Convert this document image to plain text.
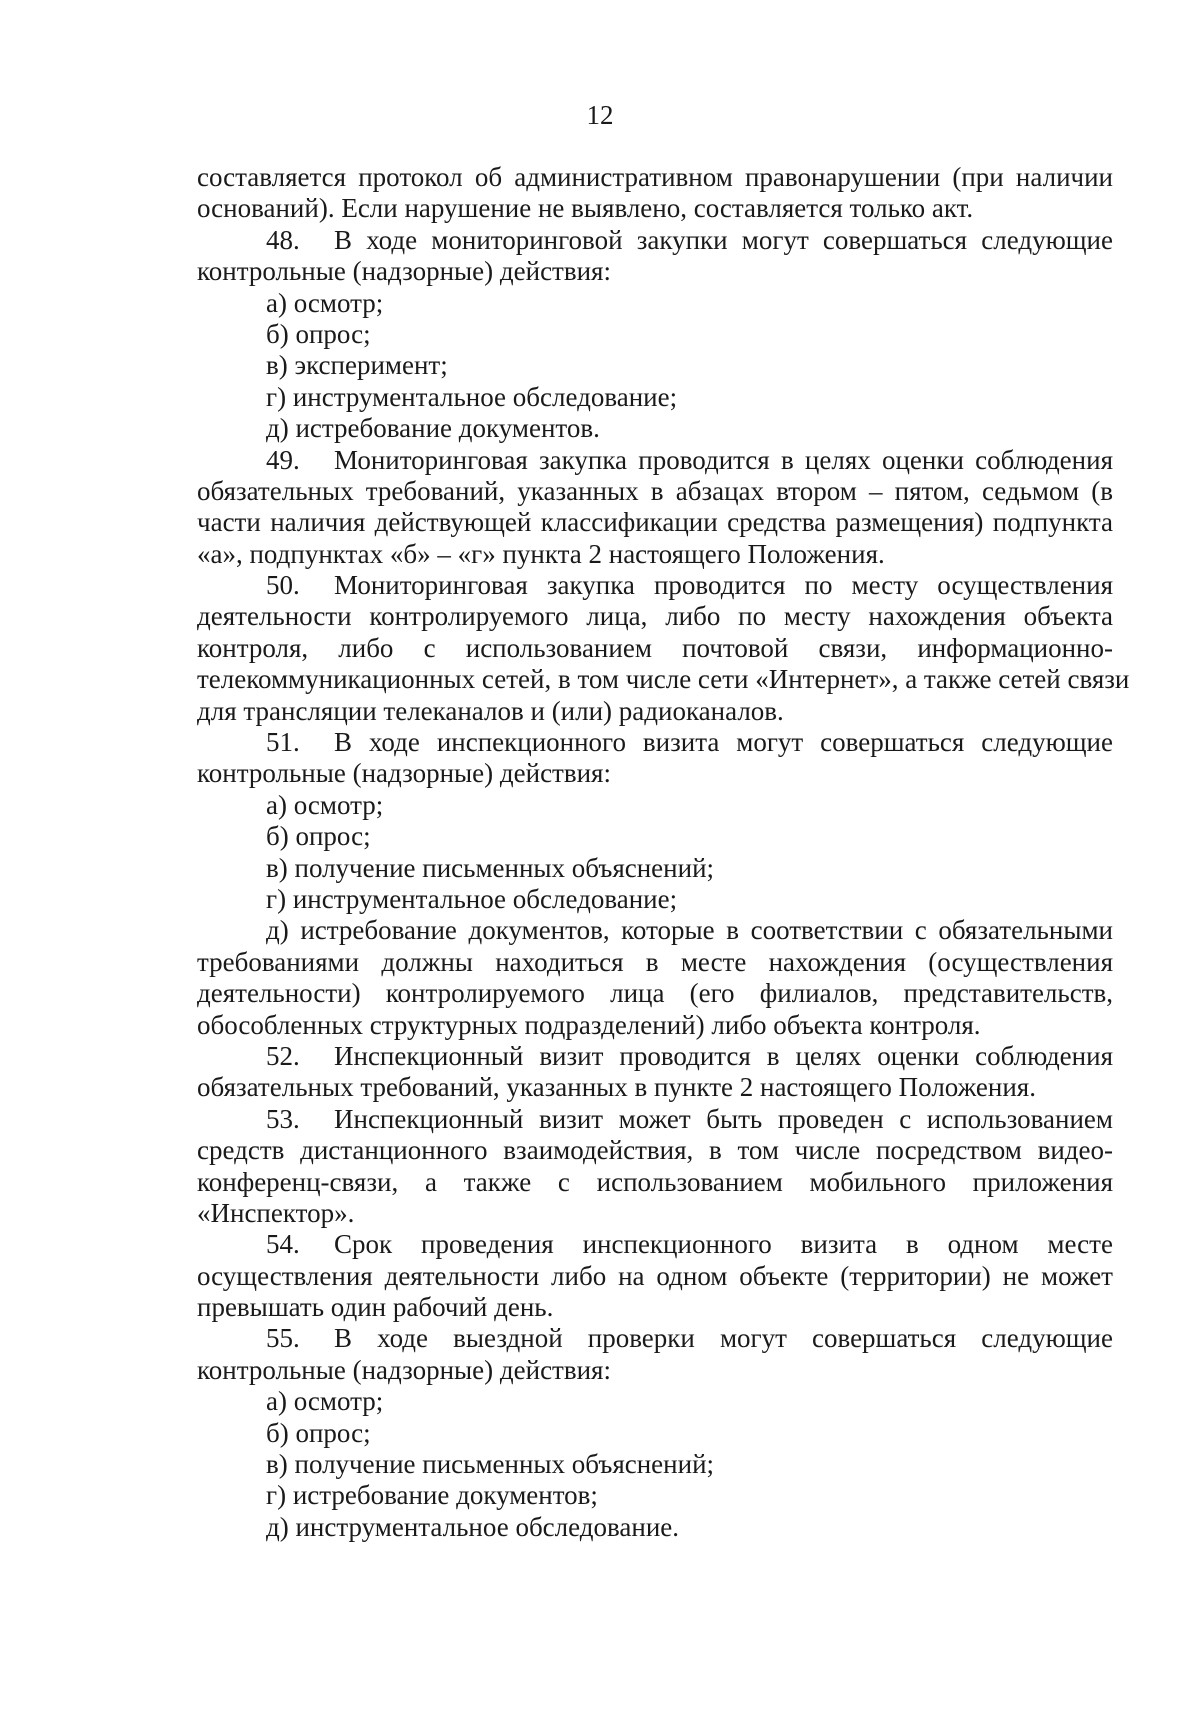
12
составляется протокол об административном правонарушении (при наличии
оснований). Если нарушение не выявлено, составляется только акт.
48.	В ходе мониторинговой закупки могут совершаться следующие
контрольные (надзорные) действия:
а) осмотр;
б) опрос;
в) эксперимент;
г) инструментальное обследование;
д) истребование документов.
49.	Мониторинговая закупка проводится в целях оценки соблюдения
обязательных требований, указанных в абзацах втором – пятом, седьмом (в
части наличия действующей классификации средства размещения) подпункта
«а», подпунктах «б» – «г» пункта 2 настоящего Положения.
50.	Мониторинговая закупка проводится по месту осуществления
деятельности контролируемого лица, либо по месту нахождения объекта
контроля, либо с использованием почтовой связи, информационно-
телекоммуникационных сетей, в том числе сети «Интернет», а также сетей связи
для трансляции телеканалов и (или) радиоканалов.
51.	В ходе инспекционного визита могут совершаться следующие
контрольные (надзорные) действия:
а) осмотр;
б) опрос;
в) получение письменных объяснений;
г) инструментальное обследование;
д) истребование документов, которые в соответствии с обязательными
требованиями должны находиться в месте нахождения (осуществления
деятельности) контролируемого лица (его филиалов, представительств,
обособленных структурных подразделений) либо объекта контроля.
52.	Инспекционный визит проводится в целях оценки соблюдения
обязательных требований, указанных в пункте 2 настоящего Положения.
53.	Инспекционный визит может быть проведен с использованием
средств дистанционного взаимодействия, в том числе посредством видео-
конференц-связи, а также с использованием мобильного приложения
«Инспектор».
54.	Срок проведения инспекционного визита в одном месте
осуществления деятельности либо на одном объекте (территории) не может
превышать один рабочий день.
55.	В ходе выездной проверки могут совершаться следующие
контрольные (надзорные) действия:
а) осмотр;
б) опрос;
в) получение письменных объяснений;
г) истребование документов;
д) инструментальное обследование.
